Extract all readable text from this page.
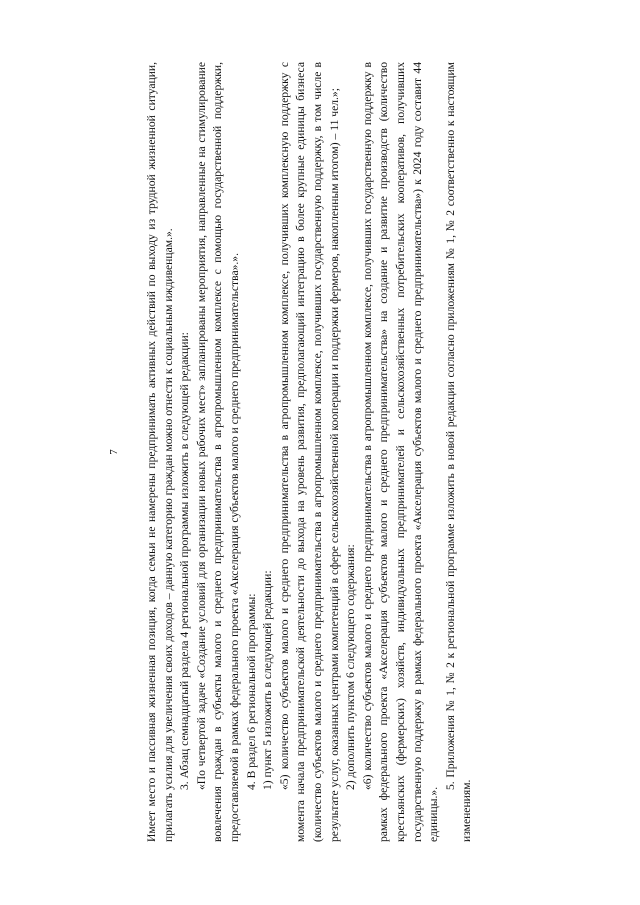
7 Имеет место и пассивная жизненная позиция, когда семьи не намерены предпринимать активных действий по выходу из трудной жизненной ситуации, прилагать усилия для увеличения своих доходов – данную категорию граждан можно отнести к социальным иждивенцам.». 3. Абзац семнадцатый раздела 4 региональной программы изложить в следующей редакции: «По четвертой задаче «Создание условий для организации новых рабочих мест» запланированы мероприятия, направленные на стимулирование вовлечения граждан в субъекты малого и среднего предпринимательства в агропромышленном комплексе с помощью государственной поддержки, предоставляемой в рамках федерального проекта «Акселерация субъектов малого и среднего предпринимательства».». 4. В раздел 6 региональной программы: 1) пункт 5 изложить в следующей редакции: «5) количество субъектов малого и среднего предпринимательства в агропромышленном комплексе, получивших комплексную поддержку с момента начала предпринимательской деятельности до выхода на уровень развития, предполагающий интеграцию в более крупные единицы бизнеса (количество субъектов малого и среднего предпринимательства в агропромышленном комплексе, получивших государственную поддержку, в том числе в результате услуг, оказанных центрами компетенций в сфере сельскохозяйственной кооперации и поддержки фермеров, накопленным итогом) – 11 чел.»; 2) дополнить пунктом 6 следующего содержания: «6) количество субъектов малого и среднего предпринимательства в агропромышленном комплексе, получивших государственную поддержку в рамках федерального проекта «Акселерация субъектов малого и среднего предпринимательства» на создание и развитие производств (количество крестьянских (фермерских) хозяйств, индивидуальных предпринимателей и сельскохозяйственных потребительских кооперативов, получивших государственную поддержку в рамках федерального проекта «Акселерация субъектов малого и среднего предпринимательства») к 2024 году составит 44 единицы.».

5. Приложения № 1, № 2 к региональной программе изложить в новой редакции согласно приложениям № 1, № 2 соответственно к настоящим изменениям.
